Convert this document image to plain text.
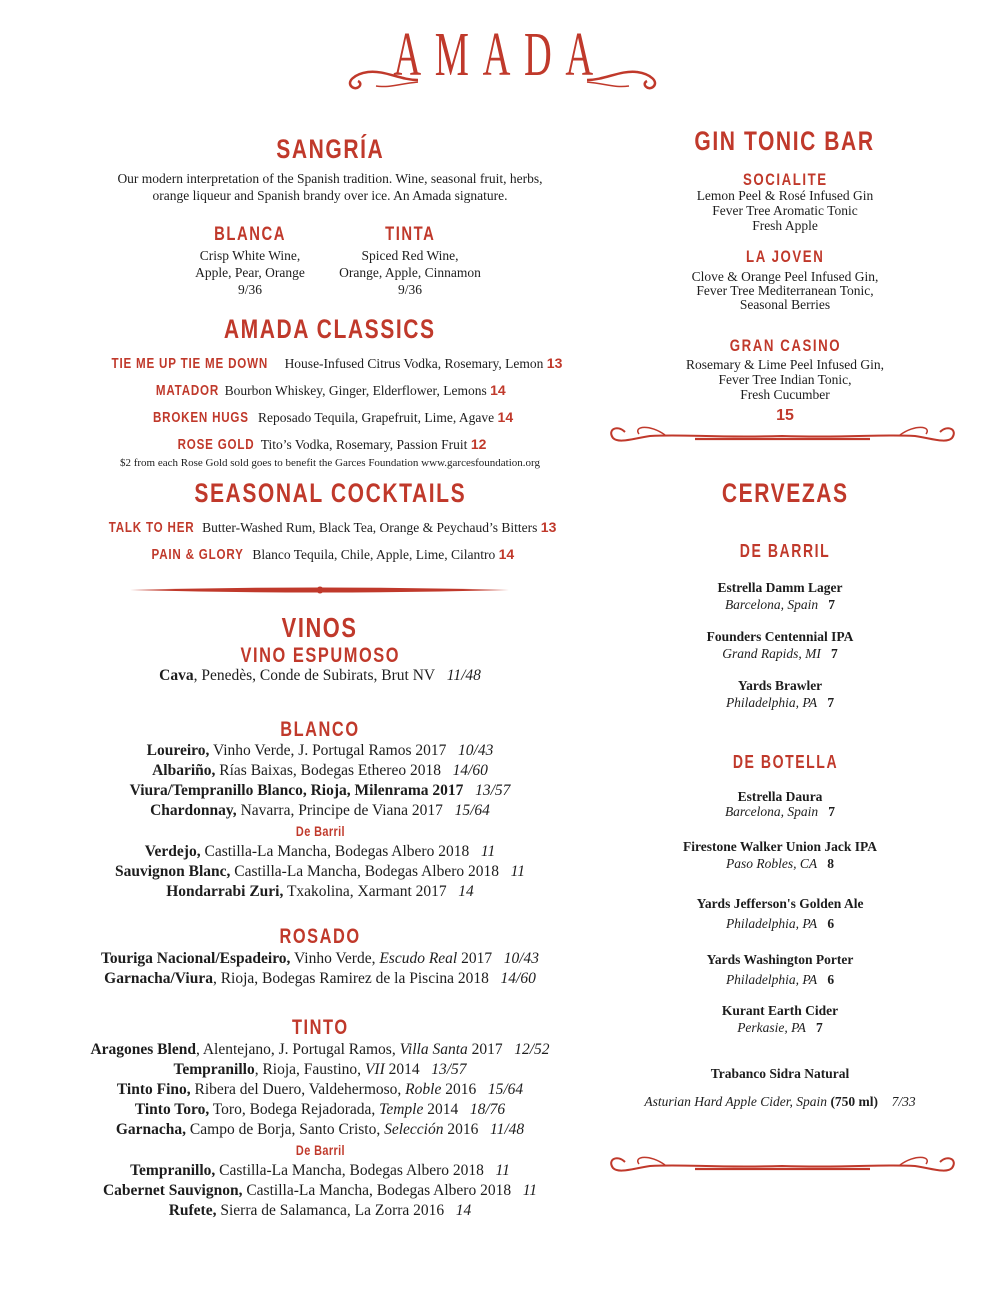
AMADA
SANGRÍA
Our modern interpretation of the Spanish tradition. Wine, seasonal fruit, herbs,
orange liqueur and Spanish brandy over ice. An Amada signature.
BLANCA
Crisp White Wine,
Apple, Pear, Orange
9/36
TINTA
Spiced Red Wine,
Orange, Apple, Cinnamon
9/36
AMADA CLASSICS
TIE ME UP TIE ME DOWN House-Infused Citrus Vodka, Rosemary, Lemon 13
MATADOR Bourbon Whiskey, Ginger, Elderflower, Lemons 14
BROKEN HUGS Reposado Tequila, Grapefruit, Lime, Agave 14
ROSE GOLD Tito’s Vodka, Rosemary, Passion Fruit 12
$2 from each Rose Gold sold goes to benefit the Garces Foundation www.garcesfoundation.org
SEASONAL COCKTAILS
TALK TO HER Butter-Washed Rum, Black Tea, Orange & Peychaud’s Bitters 13
PAIN & GLORY Blanco Tequila, Chile, Apple, Lime, Cilantro 14
VINOS
VINO ESPUMOSO
Cava, Penedès, Conde de Subirats, Brut NV 11/48
BLANCO
Loureiro, Vinho Verde, J. Portugal Ramos 2017 10/43
Albariño, Rías Baixas, Bodegas Ethereo 2018 14/60
Viura/Tempranillo Blanco, Rioja, Milenrama 2017 13/57
Chardonnay, Navarra, Principe de Viana 2017 15/64
De Barril
Verdejo, Castilla-La Mancha, Bodegas Albero 2018 11
Sauvignon Blanc, Castilla-La Mancha, Bodegas Albero 2018 11
Hondarrabi Zuri, Txakolina, Xarmant 2017 14
ROSADO
Touriga Nacional/Espadeiro, Vinho Verde, Escudo Real 2017 10/43
Garnacha/Viura, Rioja, Bodegas Ramirez de la Piscina 2018 14/60
TINTO
Aragones Blend, Alentejano, J. Portugal Ramos, Villa Santa 2017 12/52
Tempranillo, Rioja, Faustino, VII 2014 13/57
Tinto Fino, Ribera del Duero, Valdehermoso, Roble 2016 15/64
Tinto Toro, Toro, Bodega Rejadorada, Temple 2014 18/76
Garnacha, Campo de Borja, Santo Cristo, Selección 2016 11/48
De Barril
Tempranillo, Castilla-La Mancha, Bodegas Albero 2018 11
Cabernet Sauvignon, Castilla-La Mancha, Bodegas Albero 2018 11
Rufete, Sierra de Salamanca, La Zorra 2016 14
GIN TONIC BAR
SOCIALITE
Lemon Peel & Rosé Infused Gin
Fever Tree Aromatic Tonic
Fresh Apple
LA JOVEN
Clove & Orange Peel Infused Gin,
Fever Tree Mediterranean Tonic,
Seasonal Berries
GRAN CASINO
Rosemary & Lime Peel Infused Gin,
Fever Tree Indian Tonic,
Fresh Cucumber
15
CERVEZAS
DE BARRIL
Estrella Damm Lager
Barcelona, Spain 7
Founders Centennial IPA
Grand Rapids, MI 7
Yards Brawler
Philadelphia, PA 7
DE BOTELLA
Estrella Daura
Barcelona, Spain 7
Firestone Walker Union Jack IPA
Paso Robles, CA 8
Yards Jefferson's Golden Ale
Philadelphia, PA 6
Yards Washington Porter
Philadelphia, PA 6
Kurant Earth Cider
Perkasie, PA 7
Trabanco Sidra Natural
Asturian Hard Apple Cider, Spain (750 ml) 7/33
